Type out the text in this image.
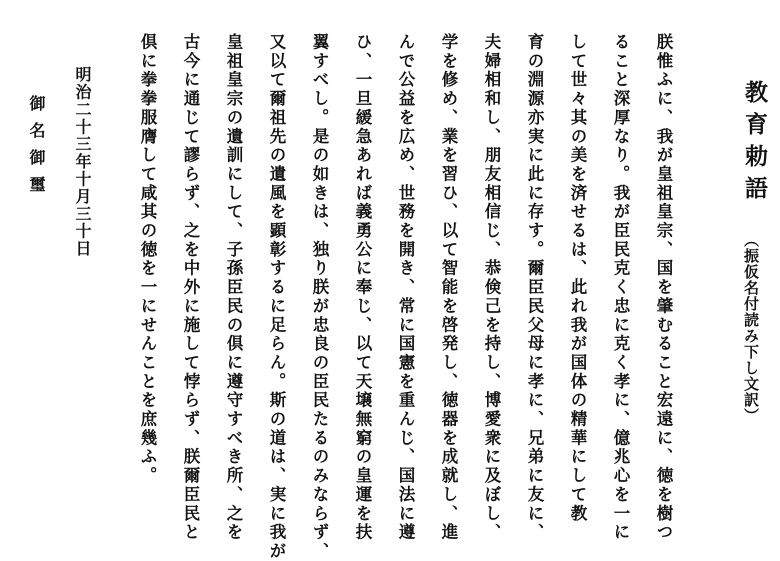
教育勅語
（振仮名付読み下し文訳）
朕惟ふに、我が皇祖皇宗、国を肇むること宏遠に、徳を樹つ
ること深厚なり。我が臣民克く忠に克く孝に、億兆心を一に
して世々其の美を済せるは、此れ我が国体の精華にして教
育の淵源亦実に此に存す。爾臣民父母に孝に、兄弟に友に、
夫婦相和し、朋友相信じ、恭倹己を持し、博愛衆に及ぼし、
学を修め、業を習ひ、以て智能を啓発し、徳器を成就し、進
んで公益を広め、世務を開き、常に国憲を重んじ、国法に遵
ひ、一旦緩急あれば義勇公に奉じ、以て天壌無窮の皇運を扶
翼すべし。是の如きは、独り朕が忠良の臣民たるのみならず、
又以て爾祖先の遺風を顕彰するに足らん。斯の道は、実に我が
皇祖皇宗の遺訓にして、子孫臣民の倶に遵守すべき所、之を
古今に通じて謬らず、之を中外に施して悖らず、朕爾臣民と
倶に拳拳服膺して咸其の徳を一にせんことを庶幾ふ。
明治二十三年十月三十日
御名御璽
